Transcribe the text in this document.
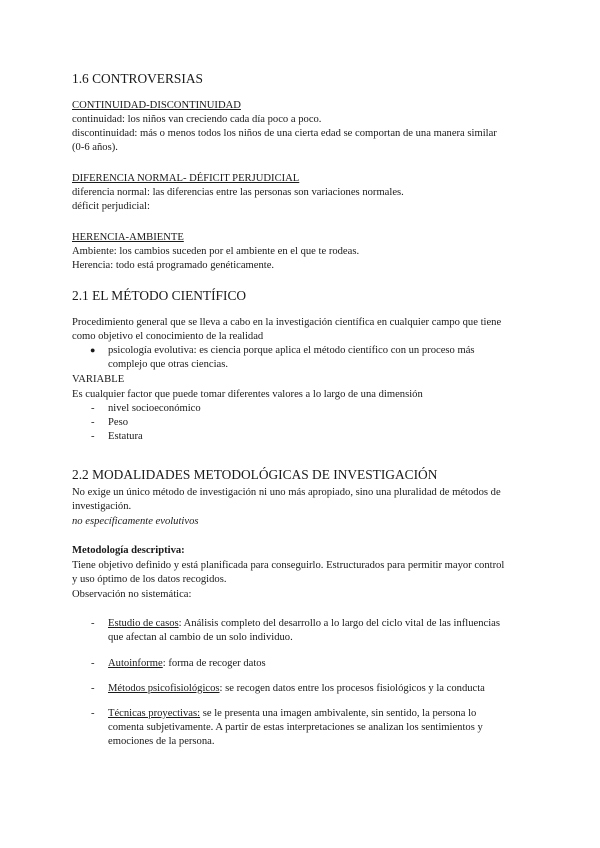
1.6 CONTROVERSIAS
CONTINUIDAD-DISCONTINUIDAD
continuidad: los niños van creciendo cada día poco a poco.
discontinuidad: más o menos todos los niños de una cierta edad se comportan de una manera similar
(0-6 años).
DIFERENCIA NORMAL- DÉFICIT PERJUDICIAL
diferencia normal: las diferencias entre las personas son variaciones normales.
déficit perjudicial:
HERENCIA-AMBIENTE
Ambiente: los cambios suceden por el ambiente en el que te rodeas.
Herencia: todo está programado genéticamente.
2.1 EL MÉTODO CIENTÍFICO
Procedimiento general que se lleva a cabo en la investigación científica en cualquier campo que tiene
como objetivo el conocimiento de la realidad
● psicología evolutiva: es ciencia porque aplica el método científico con un proceso más
complejo que otras ciencias.
VARIABLE
Es cualquier factor que puede tomar diferentes valores a lo largo de una dimensión
- nivel socioeconómico
- Peso
- Estatura
2.2 MODALIDADES METODOLÓGICAS DE INVESTIGACIÓN
No exige un único método de investigación ni uno más apropiado, sino una pluralidad de métodos de
investigación.
no específicamente evolutivos
Metodología descriptiva:
Tiene objetivo definido y está planificada para conseguirlo. Estructurados para permitir mayor control
y uso óptimo de los datos recogidos.
Observación no sistemática:
- Estudio de casos: Análisis completo del desarrollo a lo largo del ciclo vital de las influencias
que afectan al cambio de un solo individuo.
- Autoinforme: forma de recoger datos
- Métodos psicofisiológicos: se recogen datos entre los procesos fisiológicos y la conducta
- Técnicas proyectivas: se le presenta una imagen ambivalente, sin sentido, la persona lo
comenta subjetivamente. A partir de estas interpretaciones se analizan los sentimientos y
emociones de la persona.
